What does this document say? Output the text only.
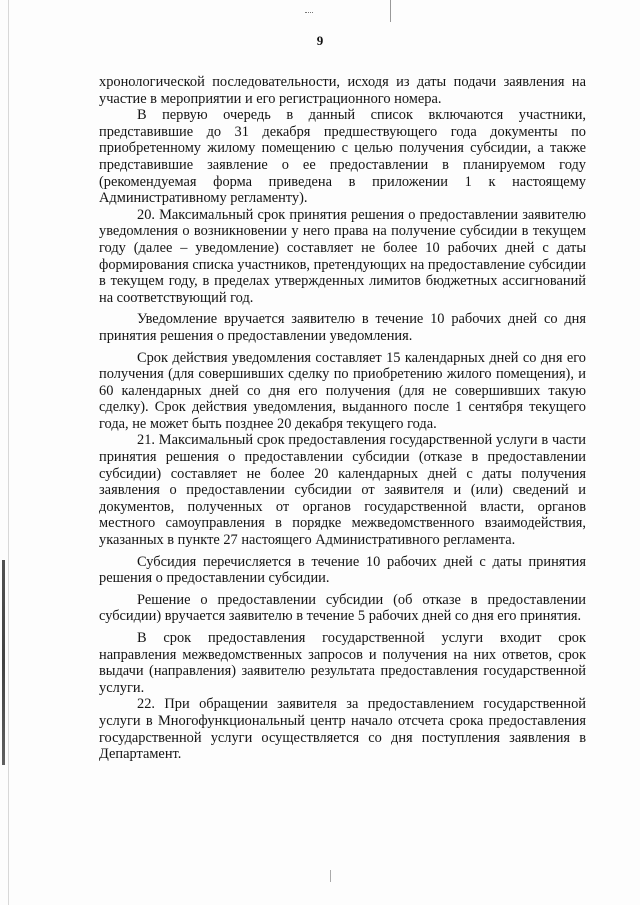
9

хронологической последовательности, исходя из даты подачи заявления на участие в мероприятии и его регистрационного номера.

В первую очередь в данный список включаются участники, представившие до 31 декабря предшествующего года документы по приобретенному жилому помещению с целью получения субсидии, а также представившие заявление о ее предоставлении в планируемом году (рекомендуемая форма приведена в приложении 1 к настоящему Административному регламенту).

20. Максимальный срок принятия решения о предоставлении заявителю уведомления о возникновении у него права на получение субсидии в текущем году (далее – уведомление) составляет не более 10 рабочих дней с даты формирования списка участников, претендующих на предоставление субсидии в текущем году, в пределах утвержденных лимитов бюджетных ассигнований на соответствующий год.

Уведомление вручается заявителю в течение 10 рабочих дней со дня принятия решения о предоставлении уведомления.

Срок действия уведомления составляет 15 календарных дней со дня его получения (для совершивших сделку по приобретению жилого помещения), и 60 календарных дней со дня его получения (для не совершивших такую сделку). Срок действия уведомления, выданного после 1 сентября текущего года, не может быть позднее 20 декабря текущего года.

21. Максимальный срок предоставления государственной услуги в части принятия решения о предоставлении субсидии (отказе в предоставлении субсидии) составляет не более 20 календарных дней с даты получения заявления о предоставлении субсидии от заявителя и (или) сведений и документов, полученных от органов государственной власти, органов местного самоуправления в порядке межведомственного взаимодействия, указанных в пункте 27 настоящего Административного регламента.

Субсидия перечисляется в течение 10 рабочих дней с даты принятия решения о предоставлении субсидии.

Решение о предоставлении субсидии (об отказе в предоставлении субсидии) вручается заявителю в течение 5 рабочих дней со дня его принятия.

В срок предоставления государственной услуги входит срок направления межведомственных запросов и получения на них ответов, срок выдачи (направления) заявителю результата предоставления государственной услуги.

22. При обращении заявителя за предоставлением государственной услуги в Многофункциональный центр начало отсчета срока предоставления государственной услуги осуществляется со дня поступления заявления в Департамент.
